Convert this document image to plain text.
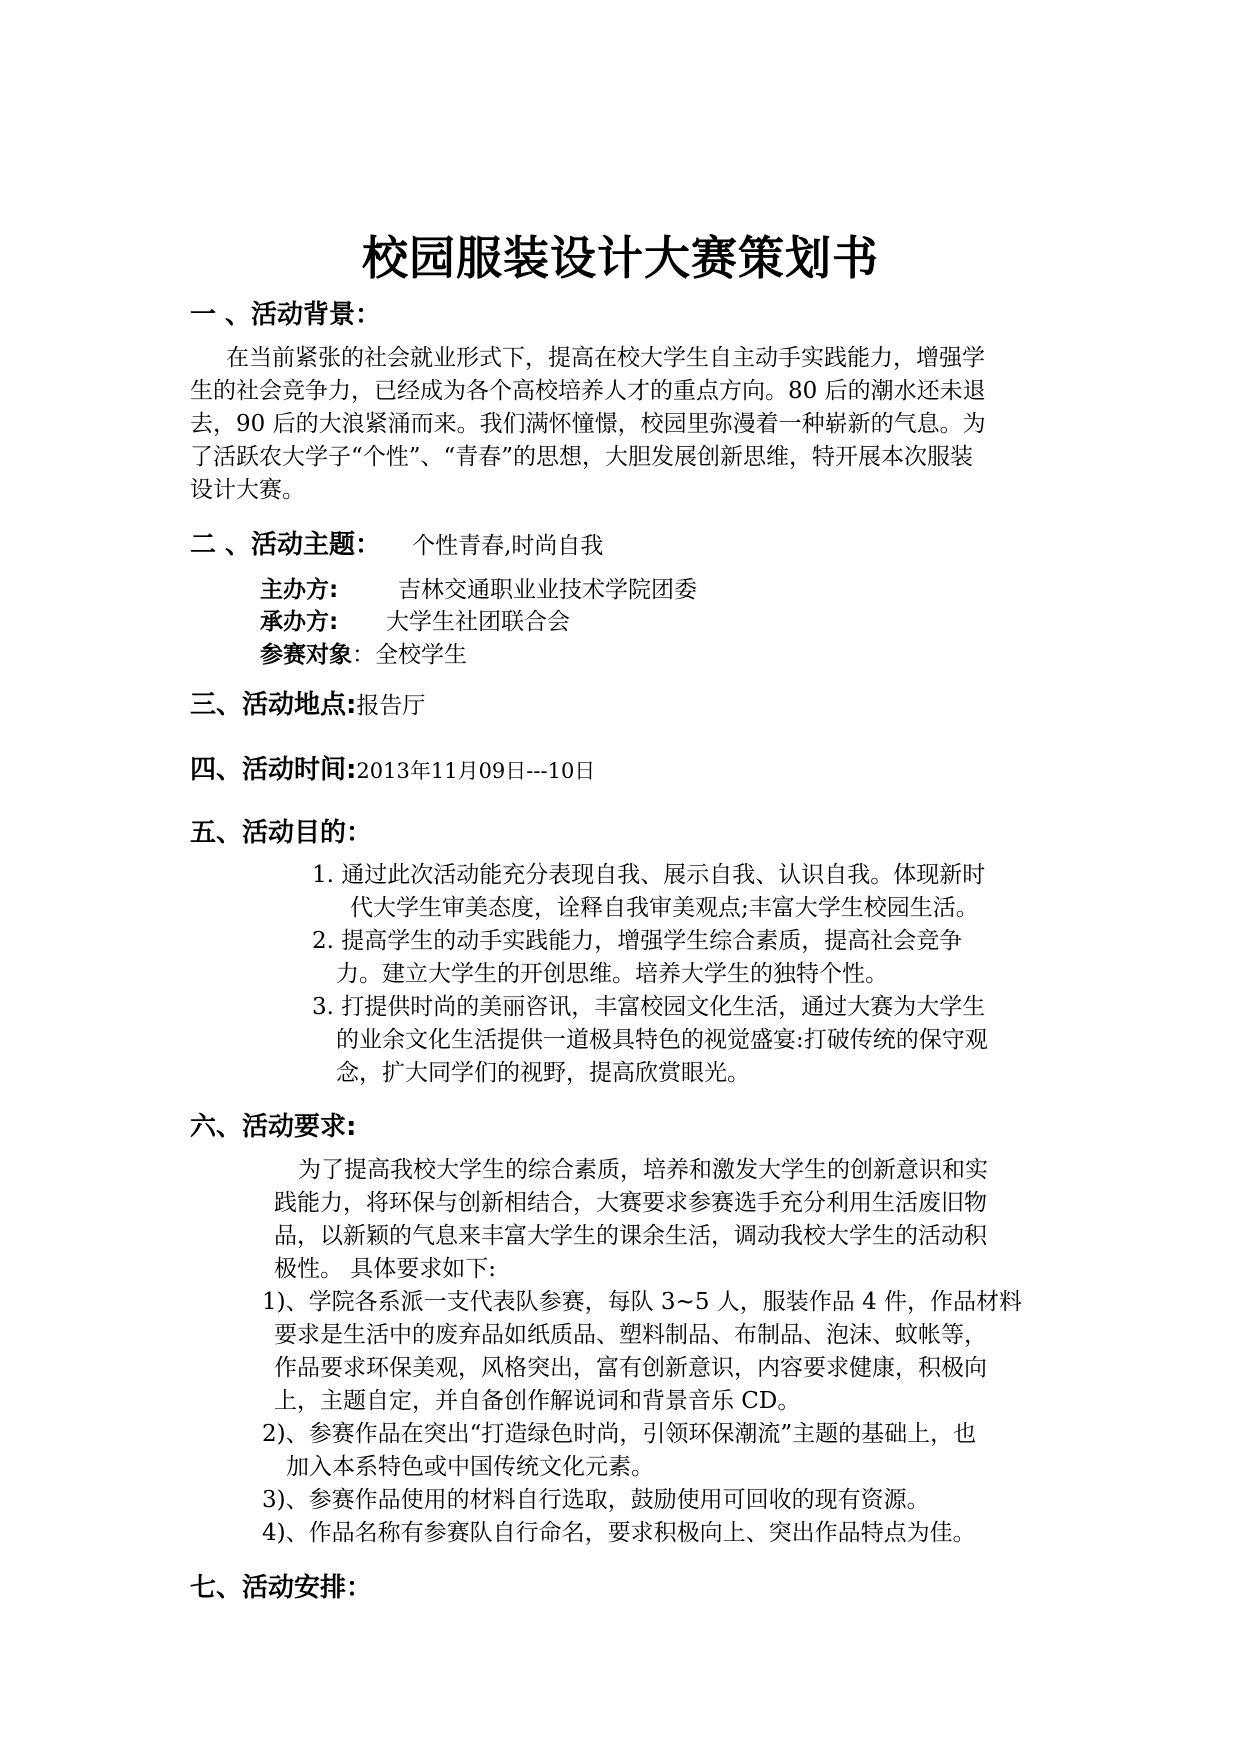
校园服装设计大赛策划书
一 、活动背景：
在当前紧张的社会就业形式下，提高在校大学生自主动手实践能力，增强学
生的社会竞争力，已经成为各个高校培养人才的重点方向。80 后的潮水还未退
去，90 后的大浪紧涌而来。我们满怀憧憬，校园里弥漫着一种崭新的气息。为
了活跃农大学子“个性”、“青春”的思想，大胆发展创新思维，特开展本次服装
设计大赛。
二 、活动主题： 个性青春,时尚自我
主办方:	吉林交通职业业技术学院团委
承办方: 大学生社团联合会
参赛对象：全校学生
三、活动地点:报告厅
四、活动时间:2013年11月09日---10日
五、活动目的：
1. 通过此次活动能充分表现自我、展示自我、认识自我。体现新时
代大学生审美态度，诠释自我审美观点;丰富大学生校园生活。
2. 提高学生的动手实践能力，增强学生综合素质，提高社会竞争
力。建立大学生的开创思维。培养大学生的独特个性。
3. 打提供时尚的美丽咨讯，丰富校园文化生活，通过大赛为大学生
的业余文化生活提供一道极具特色的视觉盛宴:打破传统的保守观
念，扩大同学们的视野，提高欣赏眼光。
六、活动要求:
为了提高我校大学生的综合素质，培养和激发大学生的创新意识和实
践能力，将环保与创新相结合，大赛要求参赛选手充分利用生活废旧物
品，以新颖的气息来丰富大学生的课余生活，调动我校大学生的活动积
极性。 具体要求如下:
1)、学院各系派一支代表队参赛，每队 3~5 人，服装作品 4 件，作品材料
要求是生活中的废弃品如纸质品、塑料制品、布制品、泡沫、蚊帐等，
作品要求环保美观，风格突出，富有创新意识，内容要求健康，积极向
上，主题自定，并自备创作解说词和背景音乐 CD。
2)、参赛作品在突出“打造绿色时尚，引领环保潮流”主题的基础上，也
加入本系特色或中国传统文化元素。
3)、参赛作品使用的材料自行选取，鼓励使用可回收的现有资源。
4)、作品名称有参赛队自行命名，要求积极向上、突出作品特点为佳。
七、活动安排：
